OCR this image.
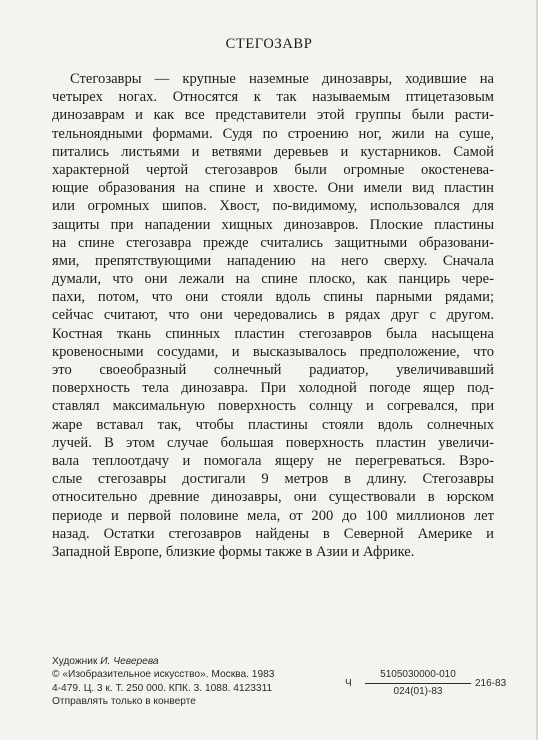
СТЕГОЗАВР
Стегозавры — крупные наземные динозавры, ходившие на
четырех ногах. Относятся к так называемым птицетазовым
динозаврам и как все представители этой группы были расти-
тельноядными формами. Судя по строению ног, жили на суше,
питались листьями и ветвями деревьев и кустарников. Самой
характерной чертой стегозавров были огромные окостенева-
ющие образования на спине и хвосте. Они имели вид пластин
или огромных шипов. Хвост, по-видимому, использовался для
защиты при нападении хищных динозавров. Плоские пластины
на спине стегозавра прежде считались защитными образовани-
ями, препятствующими нападению на него сверху. Сначала
думали, что они лежали на спине плоско, как панцирь чере-
пахи, потом, что они стояли вдоль спины парными рядами;
сейчас считают, что они чередовались в рядах друг с другом.
Костная ткань спинных пластин стегозавров была насыщена
кровеносными сосудами, и высказывалось предположение, что
это своеобразный солнечный радиатор, увеличивавший
поверхность тела динозавра. При холодной погоде ящер под-
ставлял максимальную поверхность солнцу и согревался, при
жаре вставал так, чтобы пластины стояли вдоль солнечных
лучей. В этом случае большая поверхность пластин увеличи-
вала теплоотдачу и помогала ящеру не перегреваться. Взро-
слые стегозавры достигали 9 метров в длину. Стегозавры
относительно древние динозавры, они существовали в юрском
периоде и первой половине мела, от 200 до 100 миллионов лет
назад. Остатки стегозавров найдены в Северной Америке и
Западной Европе, близкие формы также в Азии и Африке.
Художник И. Чеверева
© «Изобразительное искусство». Москва. 1983
4-479. Ц. 3 к. Т. 250 000. КПК. 3. 1088. 4123311
Отправлять только в конверте
Ч
5105030000-010
024(01)-83
216-83
